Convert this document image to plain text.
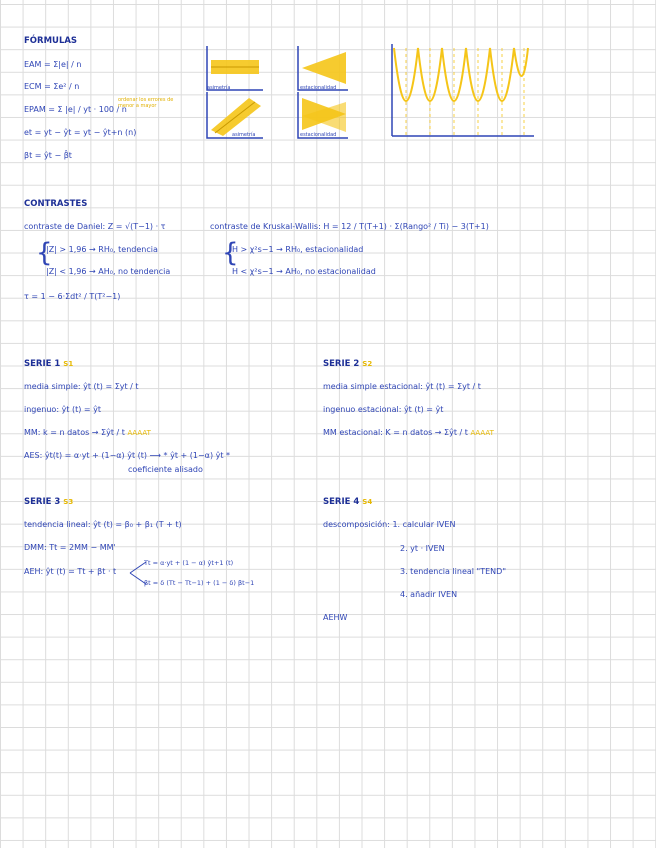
FÓRMULAS
EAM = Σ|e| / n
ECM = Σe² / n
EPAM = Σ |e| / yt · 100 / n
ordenar los errores de menor a mayor
et = yt − ŷt = yt − ŷt+n (n)
βt = ŷt − β̂t
asimetría
asimetría
estacionalidad
estacionalidad
CONTRASTES
contraste de Daniel: Z = √(T−1) · τ
{
|Z| > 1,96 → RH₀, tendencia
|Z| < 1,96 → AH₀, no tendencia
τ = 1 − 6·Σdt² / T(T²−1)
contraste de Kruskal-Wallis: H = 12 / T(T+1) · Σ(Rango² / Ti) − 3(T+1)
{
H > χ²s−1 → RH₀, estacionalidad
H < χ²s−1 → AH₀, no estacionalidad
SERIE 1 S1
media simple: ŷt (t) = Σyt / t
ingenuo: ŷt (t) = ŷt
MM: k = n datos → Σŷt / t AAAAT
AES: ŷt(t) = α·yt + (1−α) ŷt (t) ⟶ * ŷt + (1−α) ŷt *
coeficiente alisado
SERIE 2 S2
media simple estacional: ŷt (t) = Σyt / t
ingenuo estacional: ŷt (t) = ŷt
MM estacional: K = n datos → Σŷt / t AAAAT
SERIE 3 S3
tendencia lineal: ŷt (t) = β₀ + β₁ (T + t)
DMM: Tt = 2MM − MM'
AEH: ŷt (t) = Tt + βt · t
Tt = α·yt + (1 − α) ŷt+1 (t)
βt = δ (Tt − Tt−1) + (1 − δ) βt−1
SERIE 4 S4
descomposición: 1. calcular IVEN
2. yt · IVEN
3. tendencia lineal "TEND"
4. añadir IVEN
AEHW
